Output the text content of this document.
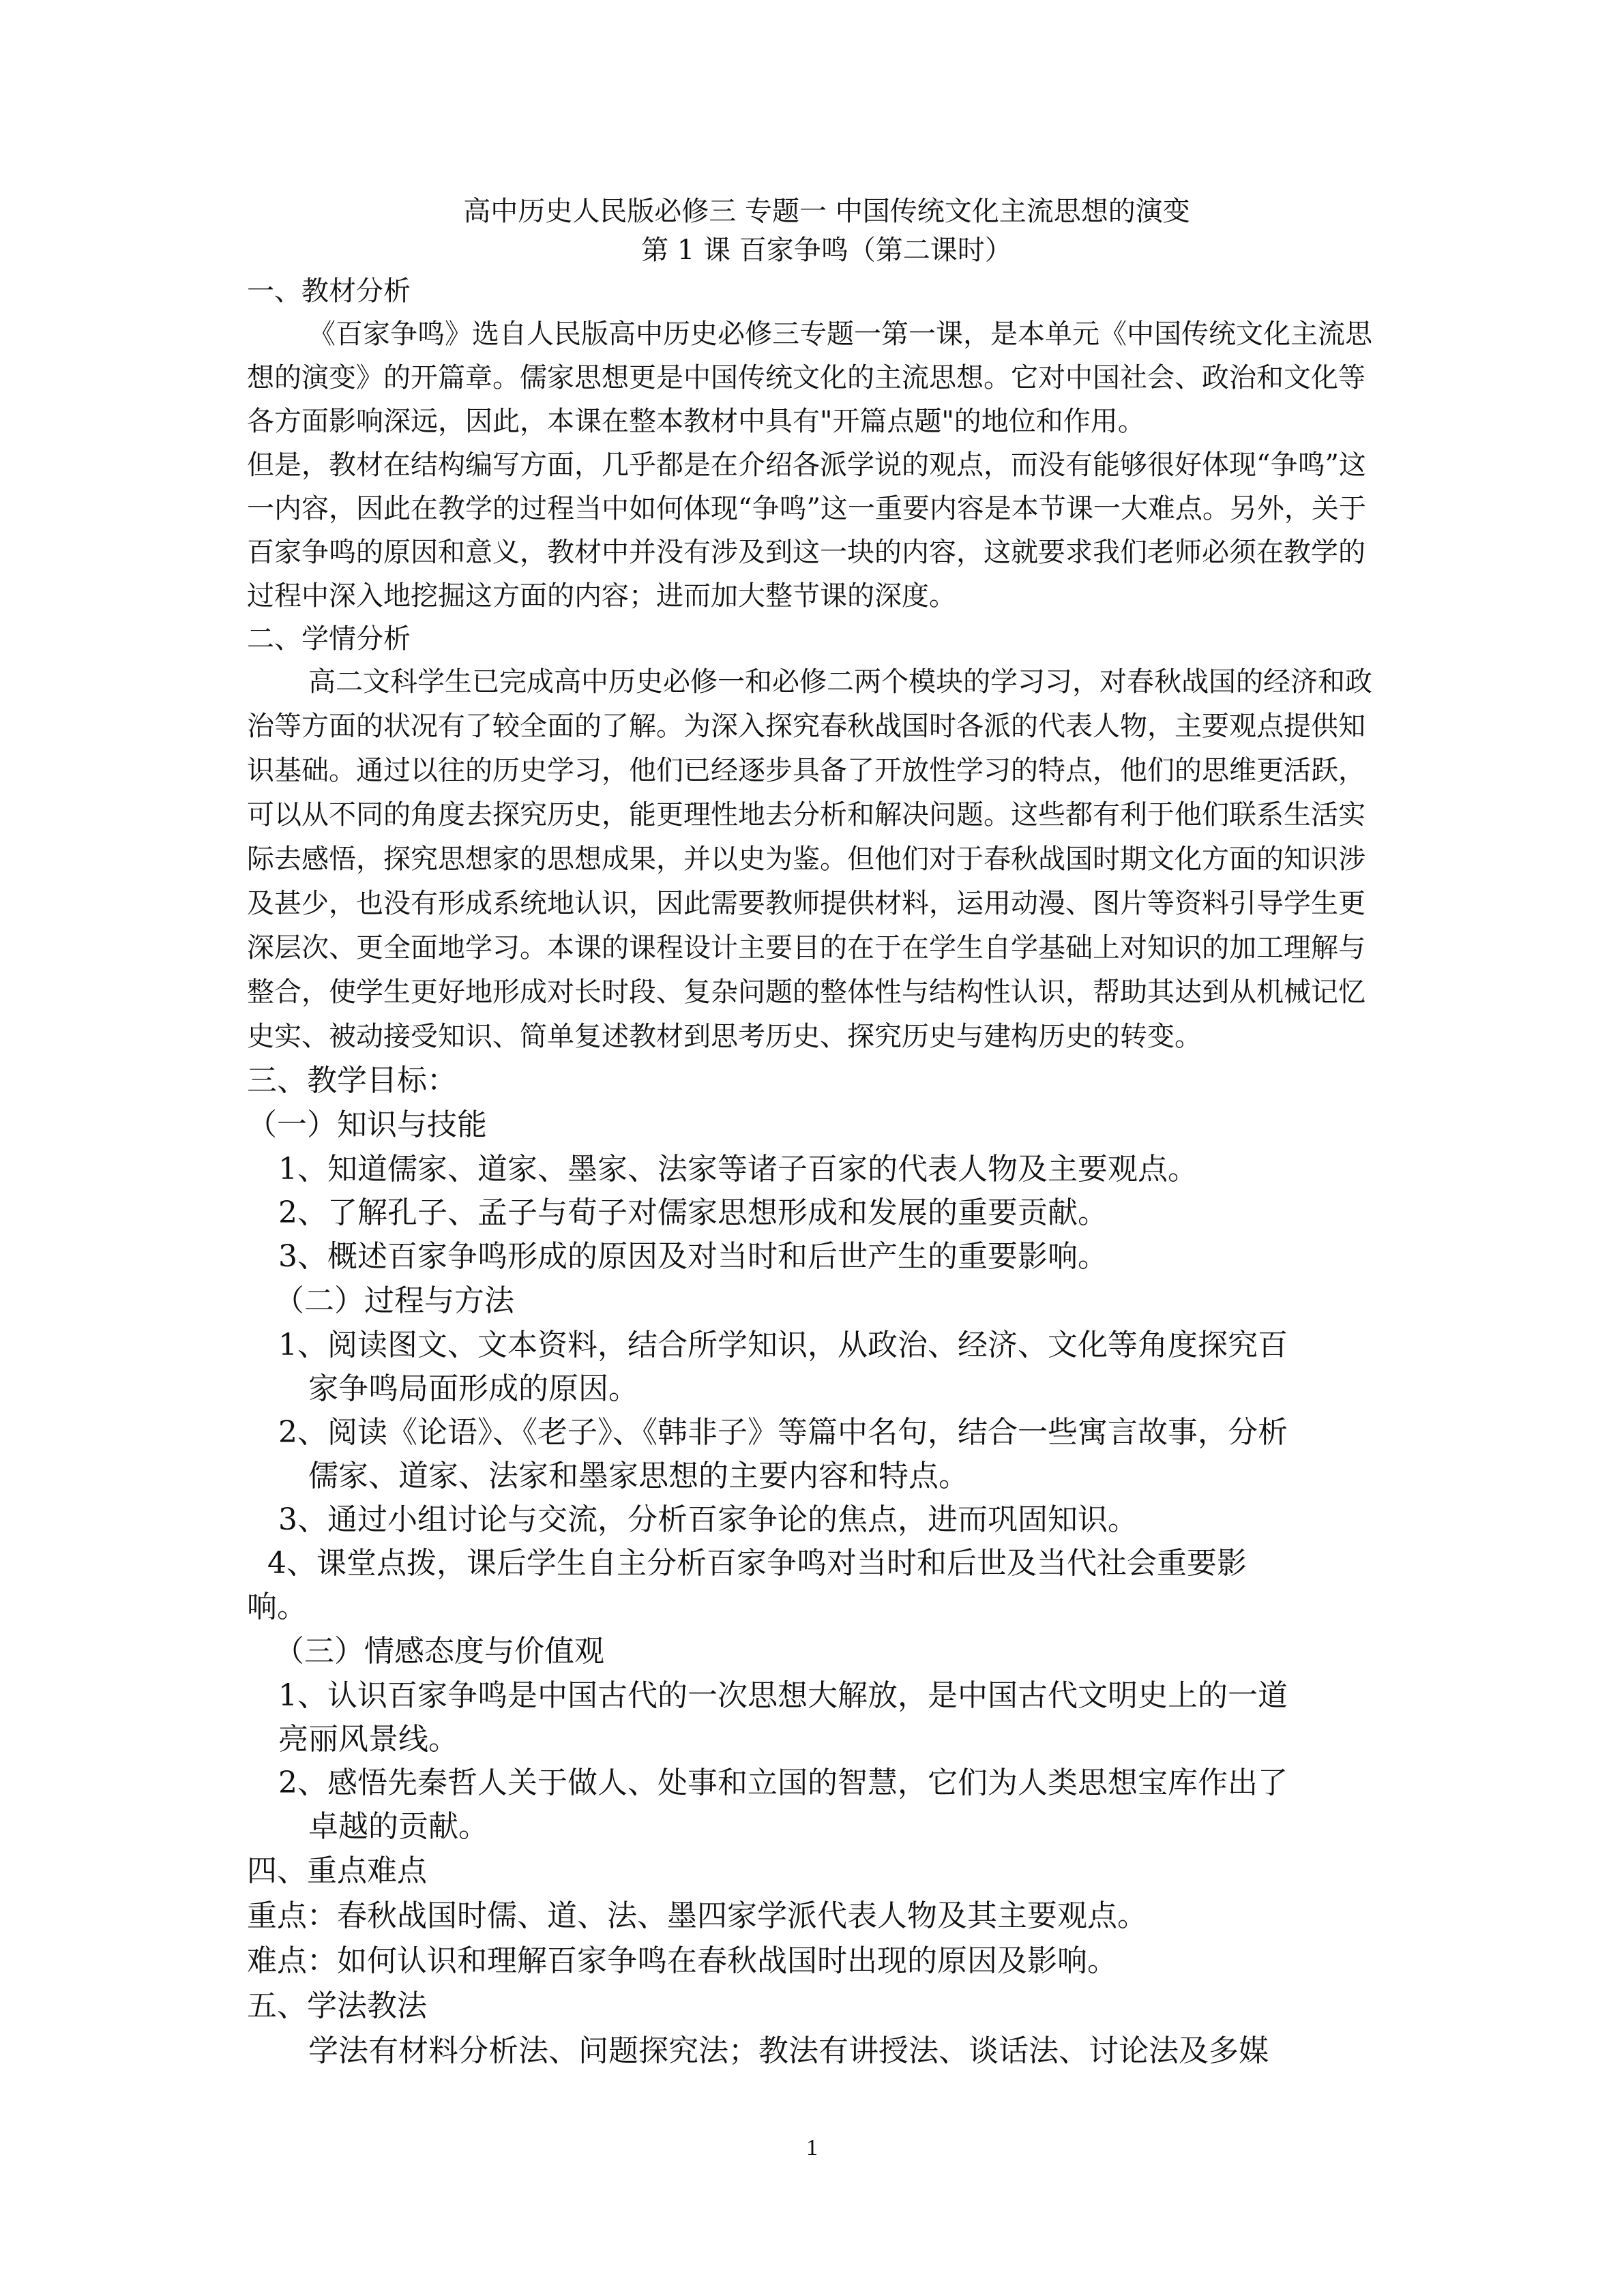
高中历史人民版必修三 专题一 中国传统文化主流思想的演变

第 1 课 百家争鸣（第二课时）

一、教材分析

《百家争鸣》选自人民版高中历史必修三专题一第一课，是本单元《中国传统文化主流思想的演变》的开篇章。儒家思想更是中国传统文化的主流思想。它对中国社会、政治和文化等各方面影响深远，因此，本课在整本教材中具有"开篇点题"的地位和作用。

但是，教材在结构编写方面，几乎都是在介绍各派学说的观点，而没有能够很好体现“争鸣”这一内容，因此在教学的过程当中如何体现“争鸣”这一重要内容是本节课一大难点。另外，关于百家争鸣的原因和意义，教材中并没有涉及到这一块的内容，这就要求我们老师必须在教学的过程中深入地挖掘这方面的内容；进而加大整节课的深度。

二、学情分析

高二文科学生已完成高中历史必修一和必修二两个模块的学习习，对春秋战国的经济和政治等方面的状况有了较全面的了解。为深入探究春秋战国时各派的代表人物，主要观点提供知识基础。通过以往的历史学习，他们已经逐步具备了开放性学习的特点，他们的思维更活跃，可以从不同的角度去探究历史，能更理性地去分析和解决问题。这些都有利于他们联系生活实际去感悟，探究思想家的思想成果，并以史为鉴。但他们对于春秋战国时期文化方面的知识涉及甚少，也没有形成系统地认识，因此需要教师提供材料，运用动漫、图片等资料引导学生更深层次、更全面地学习。本课的课程设计主要目的在于在学生自学基础上对知识的加工理解与整合，使学生更好地形成对长时段、复杂问题的整体性与结构性认识，帮助其达到从机械记忆史实、被动接受知识、简单复述教材到思考历史、探究历史与建构历史的转变。

三、教学目标：

（一）知识与技能

1、知道儒家、道家、墨家、法家等诸子百家的代表人物及主要观点。

2、了解孔子、孟子与荀子对儒家思想形成和发展的重要贡献。

3、概述百家争鸣形成的原因及对当时和后世产生的重要影响。

（二）过程与方法

1、阅读图文、文本资料，结合所学知识，从政治、经济、文化等角度探究百
家争鸣局面形成的原因。
2、阅读《论语》、《老子》、《韩非子》等篇中名句，结合一些寓言故事，分析
儒家、道家、法家和墨家思想的主要内容和特点。

3、通过小组讨论与交流，分析百家争论的焦点，进而巩固知识。

4、课堂点拨，课后学生自主分析百家争鸣对当时和后世及当代社会重要影
响。

（三）情感态度与价值观

1、认识百家争鸣是中国古代的一次思想大解放，是中国古代文明史上的一道
亮丽风景线。
2、感悟先秦哲人关于做人、处事和立国的智慧，它们为人类思想宝库作出了
卓越的贡献。

四、重点难点

重点：春秋战国时儒、道、法、墨四家学派代表人物及其主要观点。

难点：如何认识和理解百家争鸣在春秋战国时出现的原因及影响。

五、学法教法

学法有材料分析法、问题探究法；教法有讲授法、谈话法、讨论法及多媒

1
